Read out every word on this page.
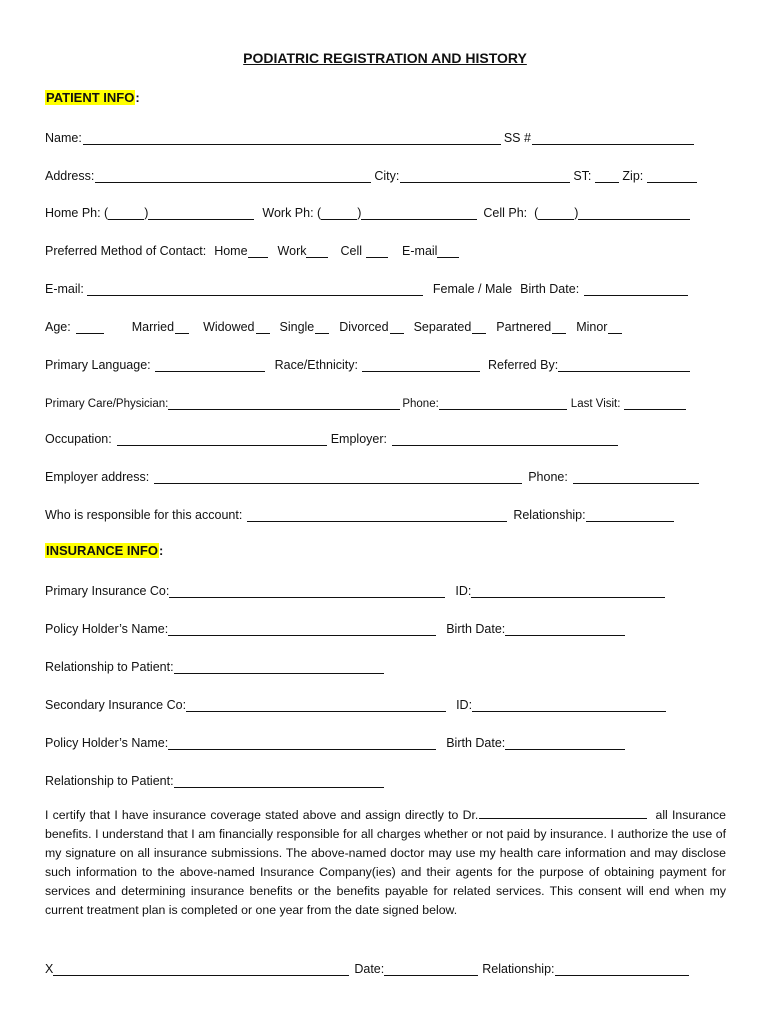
PODIATRIC REGISTRATION AND HISTORY
PATIENT INFO:
Name:	SS #
Address:	City:	ST: Zip:
Home Ph: (	)	Work Ph: (	)	Cell Ph:  (	)
Preferred Method of Contact: Home Work	Cell	E-mail
E-mail:	Female / Male Birth Date:
Age:	Married Widowed Single Divorced Separated Partnered Minor
Primary Language:	Race/Ethnicity:	Referred By:
Primary Care/Physician:	Phone:	Last Visit:
Occupation:	Employer:
Employer address:	Phone:
Who is responsible for this account:	Relationship:
INSURANCE INFO:
Primary Insurance Co:	ID:
Policy Holder’s Name:	Birth Date:
Relationship to Patient:
Secondary Insurance Co:	ID:
Policy Holder’s Name:	Birth Date:
Relationship to Patient:
I certify that I have insurance coverage stated above and assign directly to Dr.	all Insurance benefits. I understand that I am financially responsible for all charges whether or not paid by insurance. I authorize the use of my signature on all insurance submissions. The above-named doctor may use my health care information and may disclose such information to the above-named Insurance Company(ies) and their agents for the purpose of obtaining payment for services and determining insurance benefits or the benefits payable for related services. This consent will end when my current treatment plan is completed or one year from the date signed below.
X	Date:	Relationship:
